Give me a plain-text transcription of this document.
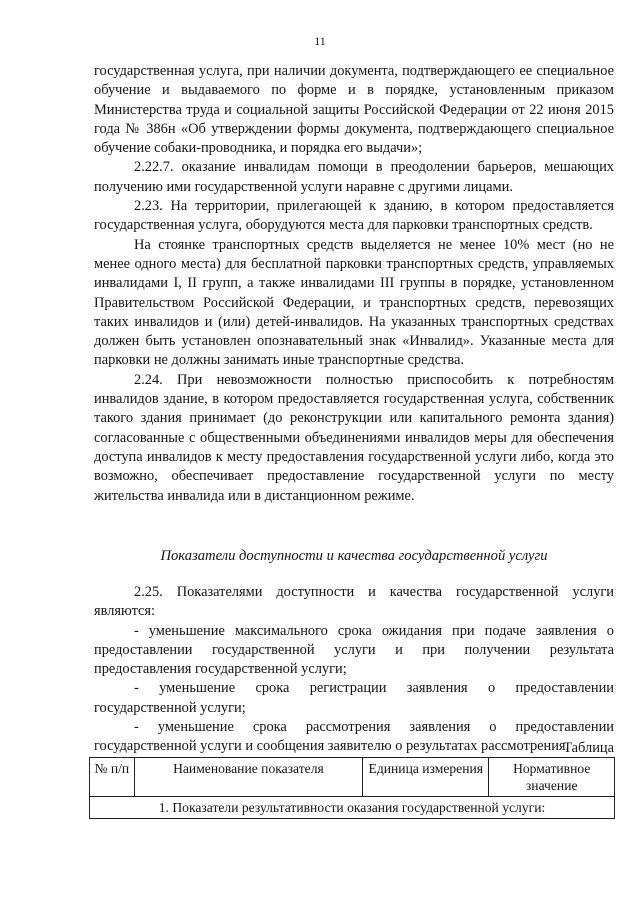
11

государственная услуга, при наличии документа, подтверждающего ее специальное обучение и выдаваемого по форме и в порядке, установленным приказом Министерства труда и социальной защиты Российской Федерации от 22 июня 2015 года № 386н «Об утверждении формы документа, подтверждающего специальное обучение собаки-проводника, и порядка его выдачи»;

2.22.7. оказание инвалидам помощи в преодолении барьеров, мешающих получению ими государственной услуги наравне с другими лицами.

2.23. На территории, прилегающей к зданию, в котором предоставляется государственная услуга, оборудуются места для парковки транспортных средств.

На стоянке транспортных средств выделяется не менее 10% мест (но не менее одного места) для бесплатной парковки транспортных средств, управляемых инвалидами I, II групп, а также инвалидами III группы в порядке, установленном Правительством Российской Федерации, и транспортных средств, перевозящих таких инвалидов и (или) детей-инвалидов. На указанных транспортных средствах должен быть установлен опознавательный знак «Инвалид». Указанные места для парковки не должны занимать иные транспортные средства.

2.24. При невозможности полностью приспособить к потребностям инвалидов здание, в котором предоставляется государственная услуга, собственник такого здания принимает (до реконструкции или капитального ремонта здания) согласованные с общественными объединениями инвалидов меры для обеспечения доступа инвалидов к месту предоставления государственной услуги либо, когда это возможно, обеспечивает предоставление государственной услуги по месту жительства инвалида или в дистанционном режиме.

Показатели доступности и качества государственной услуги

2.25. Показателями доступности и качества государственной услуги являются:

- уменьшение максимального срока ожидания при подаче заявления о предоставлении государственной услуги и при получении результата предоставления государственной услуги;

- уменьшение срока регистрации заявления о предоставлении государственной услуги;

- уменьшение срока рассмотрения заявления о предоставлении государственной услуги и сообщения заявителю о результатах рассмотрения.

Таблица
№ п/п	Наименование показателя	Единица измерения	Нормативное значение
1. Показатели результативности оказания государственной услуги:
